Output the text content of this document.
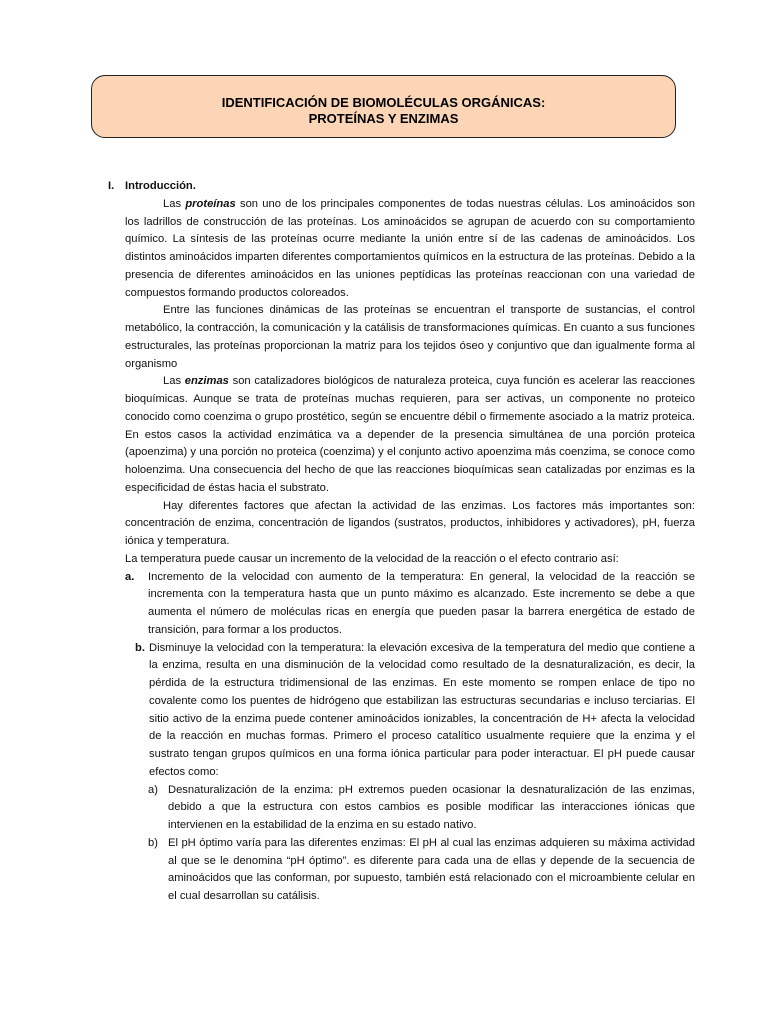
IDENTIFICACIÓN DE BIOMOLÉCULAS ORGÁNICAS:
PROTEÍNAS Y ENZIMAS
I. Introducción.
Las proteínas son uno de los principales componentes de todas nuestras células. Los aminoácidos son los ladrillos de construcción de las proteínas. Los aminoácidos se agrupan de acuerdo con su comportamiento químico. La síntesis de las proteínas ocurre mediante la unión entre sí de las cadenas de aminoácidos. Los distintos aminoácidos imparten diferentes comportamientos químicos en la estructura de las proteínas. Debido a la presencia de diferentes aminoácidos en las uniones peptídicas las proteínas reaccionan con una variedad de compuestos formando productos coloreados.
Entre las funciones dinámicas de las proteínas se encuentran el transporte de sustancias, el control metabólico, la contracción, la comunicación y la catálisis de transformaciones químicas. En cuanto a sus funciones estructurales, las proteínas proporcionan la matriz para los tejidos óseo y conjuntivo que dan igualmente forma al organismo
Las enzimas son catalizadores biológicos de naturaleza proteica, cuya función es acelerar las reacciones bioquímicas. Aunque se trata de proteínas muchas requieren, para ser activas, un componente no proteico conocido como coenzima o grupo prostético, según se encuentre débil o firmemente asociado a la matriz proteica. En estos casos la actividad enzimática va a depender de la presencia simultánea de una porción proteica (apoenzima) y una porción no proteica (coenzima) y el conjunto activo apoenzima más coenzima, se conoce como holoenzima. Una consecuencia del hecho de que las reacciones bioquímicas sean catalizadas por enzimas es la especificidad de éstas hacia el substrato.
Hay diferentes factores que afectan la actividad de las enzimas. Los factores más importantes son: concentración de enzima, concentración de ligandos (sustratos, productos, inhibidores y activadores), pH, fuerza iónica y temperatura.
La temperatura puede causar un incremento de la velocidad de la reacción o el efecto contrario así:
a. Incremento de la velocidad con aumento de la temperatura: En general, la velocidad de la reacción se incrementa con la temperatura hasta que un punto máximo es alcanzado. Este incremento se debe a que aumenta el número de moléculas ricas en energía que pueden pasar la barrera energética de estado de transición, para formar a los productos.
b. Disminuye la velocidad con la temperatura: la elevación excesiva de la temperatura del medio que contiene a la enzima, resulta en una disminución de la velocidad como resultado de la desnaturalización, es decir, la pérdida de la estructura tridimensional de las enzimas. En este momento se rompen enlace de tipo no covalente como los puentes de hidrógeno que estabilizan las estructuras secundarias e incluso terciarias. El sitio activo de la enzima puede contener aminoácidos ionizables, la concentración de H+ afecta la velocidad de la reacción en muchas formas. Primero el proceso catalítico usualmente requiere que la enzima y el sustrato tengan grupos químicos en una forma iónica particular para poder interactuar. El pH puede causar efectos como:
a) Desnaturalización de la enzima: pH extremos pueden ocasionar la desnaturalización de las enzimas, debido a que la estructura con estos cambios es posible modificar las interacciones iónicas que intervienen en la estabilidad de la enzima en su estado nativo.
b) El pH óptimo varía para las diferentes enzimas: El pH al cual las enzimas adquieren su máxima actividad al que se le denomina “pH óptimo”. es diferente para cada una de ellas y depende de la secuencia de aminoácidos que las conforman, por supuesto, también está relacionado con el microambiente celular en el cual desarrollan su catálisis.
